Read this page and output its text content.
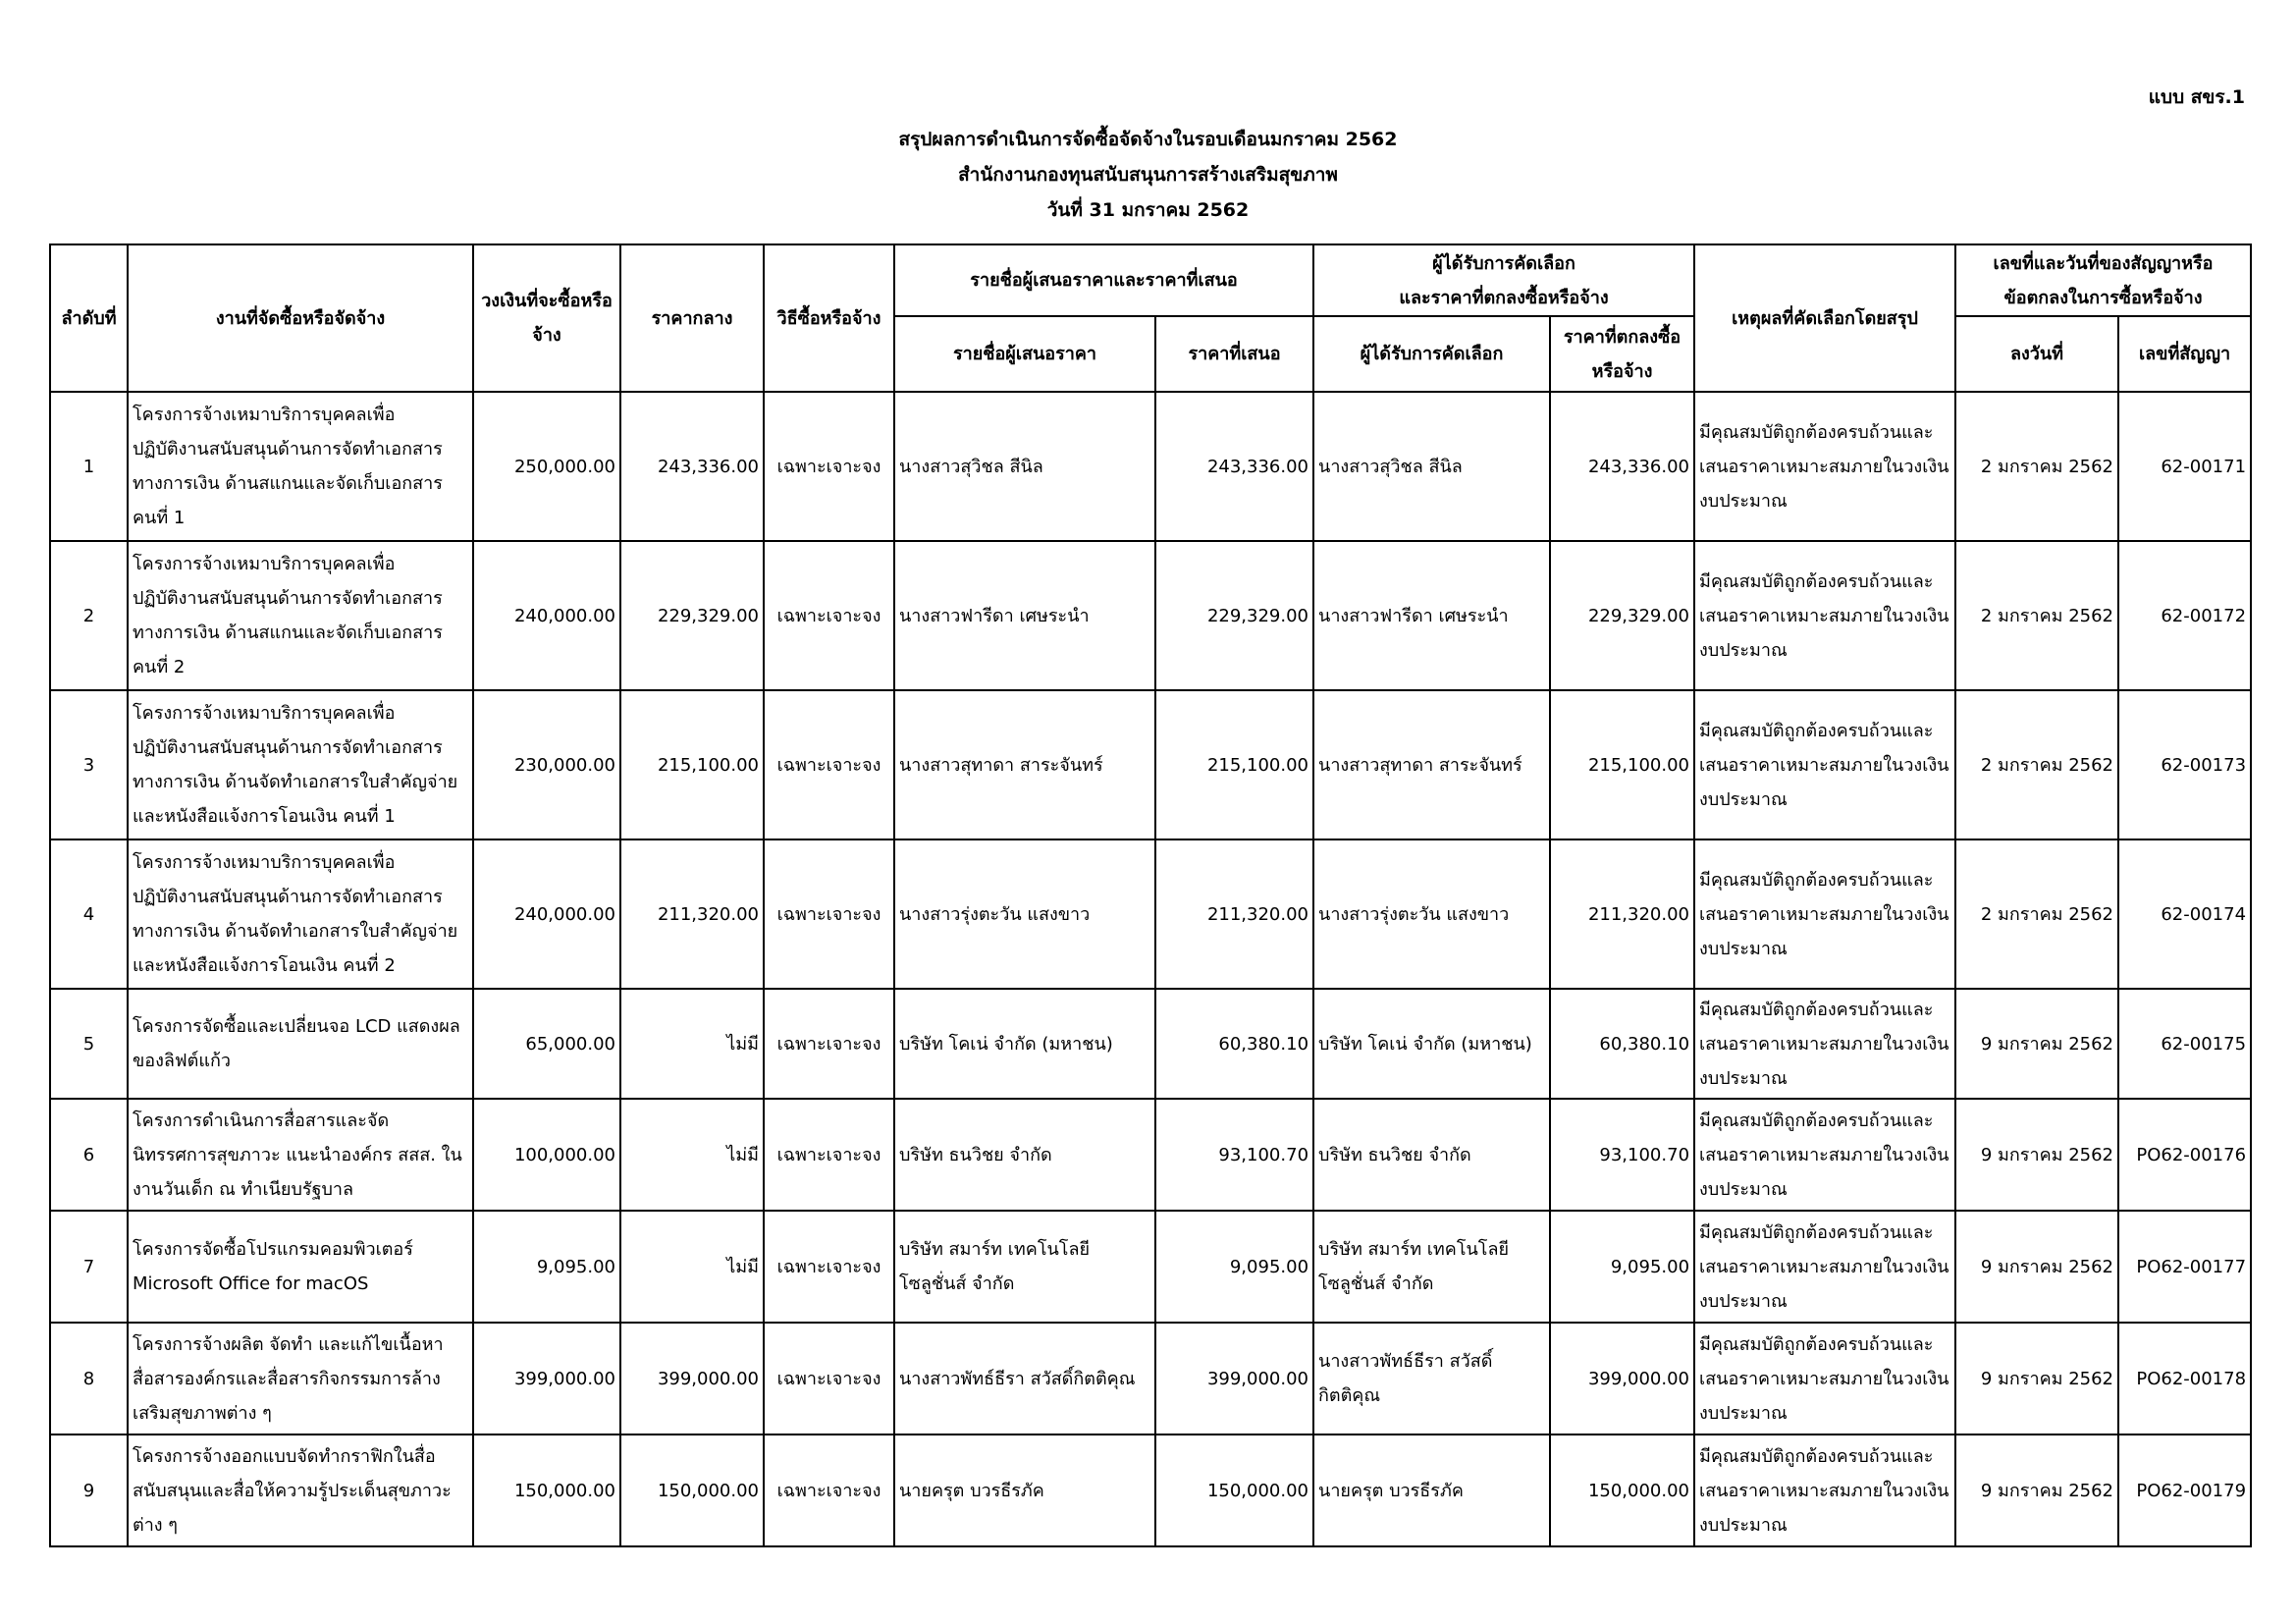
แบบ สขร.1
สรุปผลการดำเนินการจัดซื้อจัดจ้างในรอบเดือนมกราคม 2562
สำนักงานกองทุนสนับสนุนการสร้างเสริมสุขภาพ
วันที่ 31 มกราคม 2562
ลำดับที่	งานที่จัดซื้อหรือจัดจ้าง	วงเงินที่จะซื้อหรือจ้าง	ราคากลาง	วิธีซื้อหรือจ้าง	รายชื่อผู้เสนอราคาและราคาที่เสนอ		ผู้ได้รับการคัดเลือก
และราคาที่ตกลงซื้อหรือจ้าง		เหตุผลที่คัดเลือกโดยสรุป	เลขที่และวันที่ของสัญญาหรือ
ข้อตกลงในการซื้อหรือจ้าง	
					รายชื่อผู้เสนอราคา	ราคาที่เสนอ	ผู้ได้รับการคัดเลือก	ราคาที่ตกลงซื้อ
หรือจ้าง		ลงวันที่	เลขที่สัญญา
1	โครงการจ้างเหมาบริการบุคคลเพื่อ
ปฏิบัติงานสนับสนุนด้านการจัดทำเอกสาร
ทางการเงิน ด้านสแกนและจัดเก็บเอกสาร
คนที่ 1	250,000.00	243,336.00	เฉพาะเจาะจง	นางสาวสุวิชล สีนิล	243,336.00	นางสาวสุวิชล สีนิล	243,336.00	มีคุณสมบัติถูกต้องครบถ้วนและ
เสนอราคาเหมาะสมภายในวงเงิน
งบประมาณ	2 มกราคม 2562	62-00171
2	โครงการจ้างเหมาบริการบุคคลเพื่อ
ปฏิบัติงานสนับสนุนด้านการจัดทำเอกสาร
ทางการเงิน ด้านสแกนและจัดเก็บเอกสาร
คนที่ 2	240,000.00	229,329.00	เฉพาะเจาะจง	นางสาวฟารีดา เศษระนำ	229,329.00	นางสาวฟารีดา เศษระนำ	229,329.00	มีคุณสมบัติถูกต้องครบถ้วนและ
เสนอราคาเหมาะสมภายในวงเงิน
งบประมาณ	2 มกราคม 2562	62-00172
3	โครงการจ้างเหมาบริการบุคคลเพื่อ
ปฏิบัติงานสนับสนุนด้านการจัดทำเอกสาร
ทางการเงิน ด้านจัดทำเอกสารใบสำคัญจ่าย
และหนังสือแจ้งการโอนเงิน คนที่ 1	230,000.00	215,100.00	เฉพาะเจาะจง	นางสาวสุทาดา สาระจันทร์	215,100.00	นางสาวสุทาดา สาระจันทร์	215,100.00	มีคุณสมบัติถูกต้องครบถ้วนและ
เสนอราคาเหมาะสมภายในวงเงิน
งบประมาณ	2 มกราคม 2562	62-00173
4	โครงการจ้างเหมาบริการบุคคลเพื่อ
ปฏิบัติงานสนับสนุนด้านการจัดทำเอกสาร
ทางการเงิน ด้านจัดทำเอกสารใบสำคัญจ่าย
และหนังสือแจ้งการโอนเงิน คนที่ 2	240,000.00	211,320.00	เฉพาะเจาะจง	นางสาวรุ่งตะวัน แสงขาว	211,320.00	นางสาวรุ่งตะวัน แสงขาว	211,320.00	มีคุณสมบัติถูกต้องครบถ้วนและ
เสนอราคาเหมาะสมภายในวงเงิน
งบประมาณ	2 มกราคม 2562	62-00174
5	โครงการจัดซื้อและเปลี่ยนจอ LCD แสดงผล
ของลิฟต์แก้ว	65,000.00	ไม่มี	เฉพาะเจาะจง	บริษัท โคเน่ จำกัด (มหาชน)	60,380.10	บริษัท โคเน่ จำกัด (มหาชน)	60,380.10	มีคุณสมบัติถูกต้องครบถ้วนและ
เสนอราคาเหมาะสมภายในวงเงิน
งบประมาณ	9 มกราคม 2562	62-00175
6	โครงการดำเนินการสื่อสารและจัด
นิทรรศการสุขภาวะ แนะนำองค์กร สสส. ใน
งานวันเด็ก ณ ทำเนียบรัฐบาล	100,000.00	ไม่มี	เฉพาะเจาะจง	บริษัท ธนวิชย จำกัด	93,100.70	บริษัท ธนวิชย จำกัด	93,100.70	มีคุณสมบัติถูกต้องครบถ้วนและ
เสนอราคาเหมาะสมภายในวงเงิน
งบประมาณ	9 มกราคม 2562	PO62-00176
7	โครงการจัดซื้อโปรแกรมคอมพิวเตอร์
Microsoft Office for macOS	9,095.00	ไม่มี	เฉพาะเจาะจง	บริษัท สมาร์ท เทคโนโลยี
โซลูชั่นส์ จำกัด	9,095.00	บริษัท สมาร์ท เทคโนโลยี
โซลูชั่นส์ จำกัด	9,095.00	มีคุณสมบัติถูกต้องครบถ้วนและ
เสนอราคาเหมาะสมภายในวงเงิน
งบประมาณ	9 มกราคม 2562	PO62-00177
8	โครงการจ้างผลิต จัดทำ และแก้ไขเนื้อหา
สื่อสารองค์กรและสื่อสารกิจกรรมการล้าง
เสริมสุขภาพต่าง ๆ	399,000.00	399,000.00	เฉพาะเจาะจง	นางสาวพัทธ์ธีรา สวัสดิ์กิตติคุณ	399,000.00	นางสาวพัทธ์ธีรา สวัสดิ์กิตติคุณ	399,000.00	มีคุณสมบัติถูกต้องครบถ้วนและ
เสนอราคาเหมาะสมภายในวงเงิน
งบประมาณ	9 มกราคม 2562	PO62-00178
9	โครงการจ้างออกแบบจัดทำกราฟิกในสื่อ
สนับสนุนและสื่อให้ความรู้ประเด็นสุขภาวะ
ต่าง ๆ	150,000.00	150,000.00	เฉพาะเจาะจง	นายครุต บวรธีรภัค	150,000.00	นายครุต บวรธีรภัค	150,000.00	มีคุณสมบัติถูกต้องครบถ้วนและ
เสนอราคาเหมาะสมภายในวงเงิน
งบประมาณ	9 มกราคม 2562	PO62-00179
